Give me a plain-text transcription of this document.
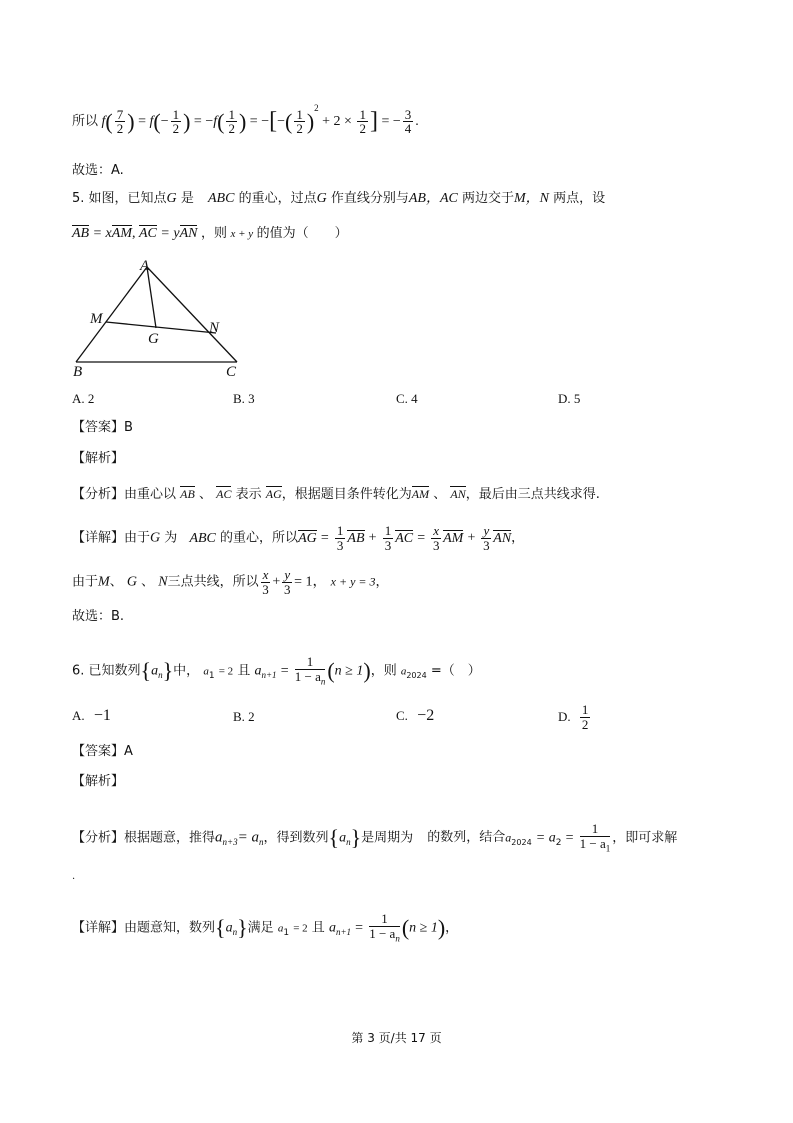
所以 $f( \frac{7}{2}$ ) = $f(- \frac{1}{2}$ ) = $-f( \frac{1}{2}$ ) = −[−( $\frac{1}{2} )^2 + 2 \times \frac{1}{2}$ ] = − $\frac{3}{4}$ .
故选：A.
5. 如图，已知点G 是 ABC 的重心，过点G 作直线分别与AB，AC 两边交于M，N 两点，设
AB = xAM, AC = yAN ，则 x + y 的值为（　　）
A
M
N
G
B	C
A. 2	B. 3	C. 4	D. 5
【答案】B
【解析】
【分析】由重心以 AB 、 AC 表示 AG，根据题目条件转化为AM 、 AN，最后由三点共线求得.
【详解】由于G 为 ABC 的重心，所以AG = $\frac{1}{3}$ AB + $\frac{1}{3}$ AC = $\frac{x}{3}$ AM + $\frac{y}{3}$ AN，
由于M、 G 、 N三点共线，所以 $\frac{x}{3} + \frac{y}{3} = 1$， x + y = 3，
故选：B.
6. 已知数列$\{a_n\}$中， $a_1 = 2$ 且 $a_{n+1} = \frac{1}{1 - a_n} (n \ge 1)$，则 $a_{2024}$ =（　）
A. −1	B. 2	C. −2	D. $\frac{1}{2}$
【答案】A
【解析】
【分析】根据题意，推得$a_{n+3}= a_n$，得到数列$\{a_n\}$是周期为 的数列，结合$a_{2024} = a_2 = \frac{1}{1 - a_1}$ ，即可求解
.
【详解】由题意知，数列$\{a_n\}$满足 $a_1 = 2$ 且 $a_{n+1} = \frac{1}{1 - a_n} (n \ge 1)$，
第 3 页/共 17 页
